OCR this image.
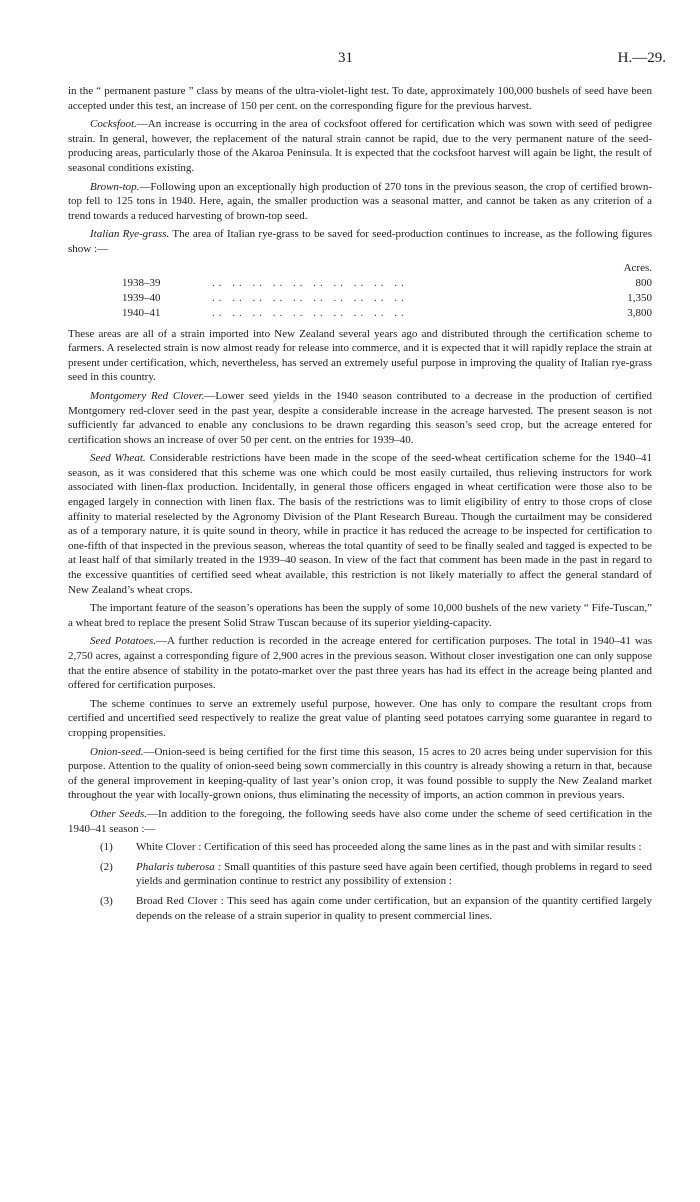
31	H.—29.

in the “ permanent pasture ” class by means of the ultra-violet-light test. To date, approximately 100,000 bushels of seed have been accepted under this test, an increase of 150 per cent. on the corresponding figure for the previous harvest.

Cocksfoot.—An increase is occurring in the area of cocksfoot offered for certification which was sown with seed of pedigree strain. In general, however, the replacement of the natural strain cannot be rapid, due to the very permanent nature of the seed-producing areas, particularly those of the Akaroa Peninsula. It is expected that the cocksfoot harvest will again be light, the result of seasonal conditions existing.

Brown-top.—Following upon an exceptionally high production of 270 tons in the previous season, the crop of certified brown-top fell to 125 tons in 1940. Here, again, the smaller production was a seasonal matter, and cannot be taken as any criterion of a trend towards a reduced harvesting of brown-top seed.

Italian Rye-grass. The area of Italian rye-grass to be saved for seed-production continues to increase, as the following figures show :—

		Acres.
1938–39	.. .. .. .. .. .. .. .. .. ..	800
1939–40	.. .. .. .. .. .. .. .. .. ..	1,350
1940–41	.. .. .. .. .. .. .. .. .. ..	3,800

These areas are all of a strain imported into New Zealand several years ago and distributed through the certification scheme to farmers. A reselected strain is now almost ready for release into commerce, and it is expected that it will rapidly replace the strain at present under certification, which, nevertheless, has served an extremely useful purpose in improving the quality of Italian rye-grass seed in this country.

Montgomery Red Clover.—Lower seed yields in the 1940 season contributed to a decrease in the production of certified Montgomery red-clover seed in the past year, despite a considerable increase in the acreage harvested. The present season is not sufficiently far advanced to enable any conclusions to be drawn regarding this season’s seed crop, but the acreage entered for certification shows an increase of over 50 per cent. on the entries for 1939–40.

Seed Wheat. Considerable restrictions have been made in the scope of the seed-wheat certification scheme for the 1940–41 season, as it was considered that this scheme was one which could be most easily curtailed, thus relieving instructors for work associated with linen-flax production. Incidentally, in general those officers engaged in wheat certification were those also to be engaged largely in connection with linen flax. The basis of the restrictions was to limit eligibility of entry to those crops of close affinity to material reselected by the Agronomy Division of the Plant Research Bureau. Though the curtailment may be considered as of a temporary nature, it is quite sound in theory, while in practice it has reduced the acreage to be inspected for certification to one-fifth of that inspected in the previous season, whereas the total quantity of seed to be finally sealed and tagged is expected to be at least half of that similarly treated in the 1939–40 season. In view of the fact that comment has been made in the past in regard to the excessive quantities of certified seed wheat available, this restriction is not likely materially to affect the general standard of New Zealand’s wheat crops.

The important feature of the season’s operations has been the supply of some 10,000 bushels of the new variety “ Fife-Tuscan,” a wheat bred to replace the present Solid Straw Tuscan because of its superior yielding-capacity.

Seed Potatoes.—A further reduction is recorded in the acreage entered for certification purposes. The total in 1940–41 was 2,750 acres, against a corresponding figure of 2,900 acres in the previous season. Without closer investigation one can only suppose that the entire absence of stability in the potato-market over the past three years has had its effect in the acreage being planted and offered for certification purposes.

The scheme continues to serve an extremely useful purpose, however. One has only to compare the resultant crops from certified and uncertified seed respectively to realize the great value of planting seed potatoes carrying some guarantee in regard to cropping propensities.

Onion-seed.—Onion-seed is being certified for the first time this season, 15 acres to 20 acres being under supervision for this purpose. Attention to the quality of onion-seed being sown commercially in this country is already showing a return in that, because of the general improvement in keeping-quality of last year’s onion crop, it was found possible to supply the New Zealand market throughout the year with locally-grown onions, thus eliminating the necessity of imports, an action common in previous years.

Other Seeds.—In addition to the foregoing, the following seeds have also come under the scheme of seed certification in the 1940–41 season :—

(1) White Clover : Certification of this seed has proceeded along the same lines as in the past and with similar results :
(2) Phalaris tuberosa : Small quantities of this pasture seed have again been certified, though problems in regard to seed yields and germination continue to restrict any possibility of extension :
(3) Broad Red Clover : This seed has again come under certification, but an expansion of the quantity certified largely depends on the release of a strain superior in quality to present commercial lines.
